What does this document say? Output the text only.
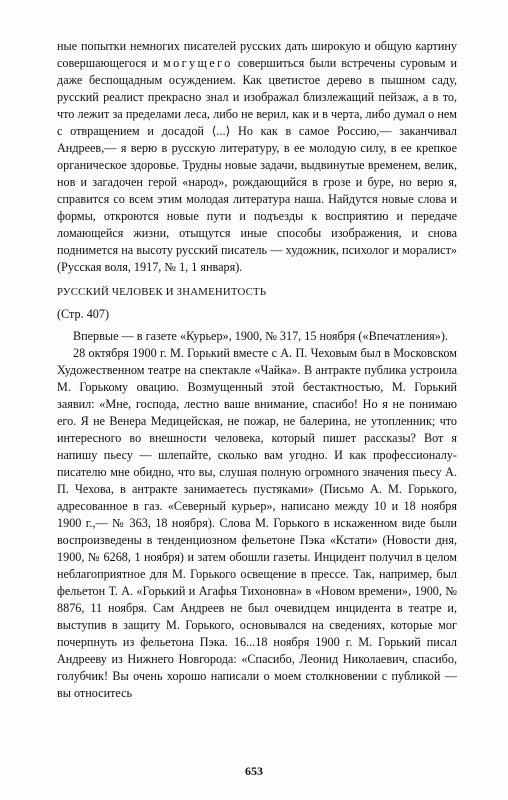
ные попытки немногих писателей русских дать широкую и общую картину совершающегося и могущего совершиться были встречены суровым и даже беспощадным осуждением. Как цветистое дерево в пышном саду, русский реалист прекрасно знал и изображал близлежащий пейзаж, а в то, что лежит за пределами леса, либо не верил, как и в черта, либо думал о нем с отвращением и досадой ⟨...⟩ Но как в самое Россию,— заканчивал Андреев,— я верю в русскую литературу, в ее молодую силу, в ее крепкое органическое здоровье. Трудны новые задачи, выдвинутые временем, велик, нов и загадочен герой «народ», рождающийся в грозе и буре, но верю я, справится со всем этим молодая литература наша. Найдутся новые слова и формы, откроются новые пути и подъезды к восприятию и передаче ломающейся жизни, отыщутся иные способы изображения, и снова поднимется на высоту русский писатель — художник, психолог и моралист» (Русская воля, 1917, № 1, 1 января).

РУССКИЙ ЧЕЛОВЕК И ЗНАМЕНИТОСТЬ

(Стр. 407)

Впервые — в газете «Курьер», 1900, № 317, 15 ноября («Впечатления»).

28 октября 1900 г. М. Горький вместе с А. П. Чеховым был в Московском Художественном театре на спектакле «Чайка». В антракте публика устроила М. Горькому овацию. Возмущенный этой бестактностью, М. Горький заявил: «Мне, господа, лестно ваше внимание, спасибо! Но я не понимаю его. Я не Венера Медицейская, не пожар, не балерина, не утопленник; что интересного во внешности человека, который пишет рассказы? Вот я напишу пьесу — шлепайте, сколько вам угодно. И как профессионалу-писателю мне обидно, что вы, слушая полную огромного значения пьесу А. П. Чехова, в антракте занимаетесь пустяками» (Письмо А. М. Горького, адресованное в газ. «Северный курьер», написано между 10 и 18 ноября 1900 г.,— № 363, 18 ноября). Слова М. Горького в искаженном виде были воспроизведены в тенденциозном фельетоне Пэка «Кстати» (Новости дня, 1900, № 6268, 1 ноября) и затем обошли газеты. Инцидент получил в целом неблагоприятное для М. Горького освещение в прессе. Так, например, был фельетон Т. А. «Горький и Агафья Тихоновна» в «Новом времени», 1900, № 8876, 11 ноября. Сам Андреев не был очевидцем инцидента в театре и, выступив в защиту М. Горького, основывался на сведениях, которые мог почерпнуть из фельетона Пэка. 16...18 ноября 1900 г. М. Горький писал Андрееву из Нижнего Новгорода: «Спасибо, Леонид Николаевич, спасибо, голубчик! Вы очень хорошо написали о моем столкновении с публикой — вы относитесь

653
